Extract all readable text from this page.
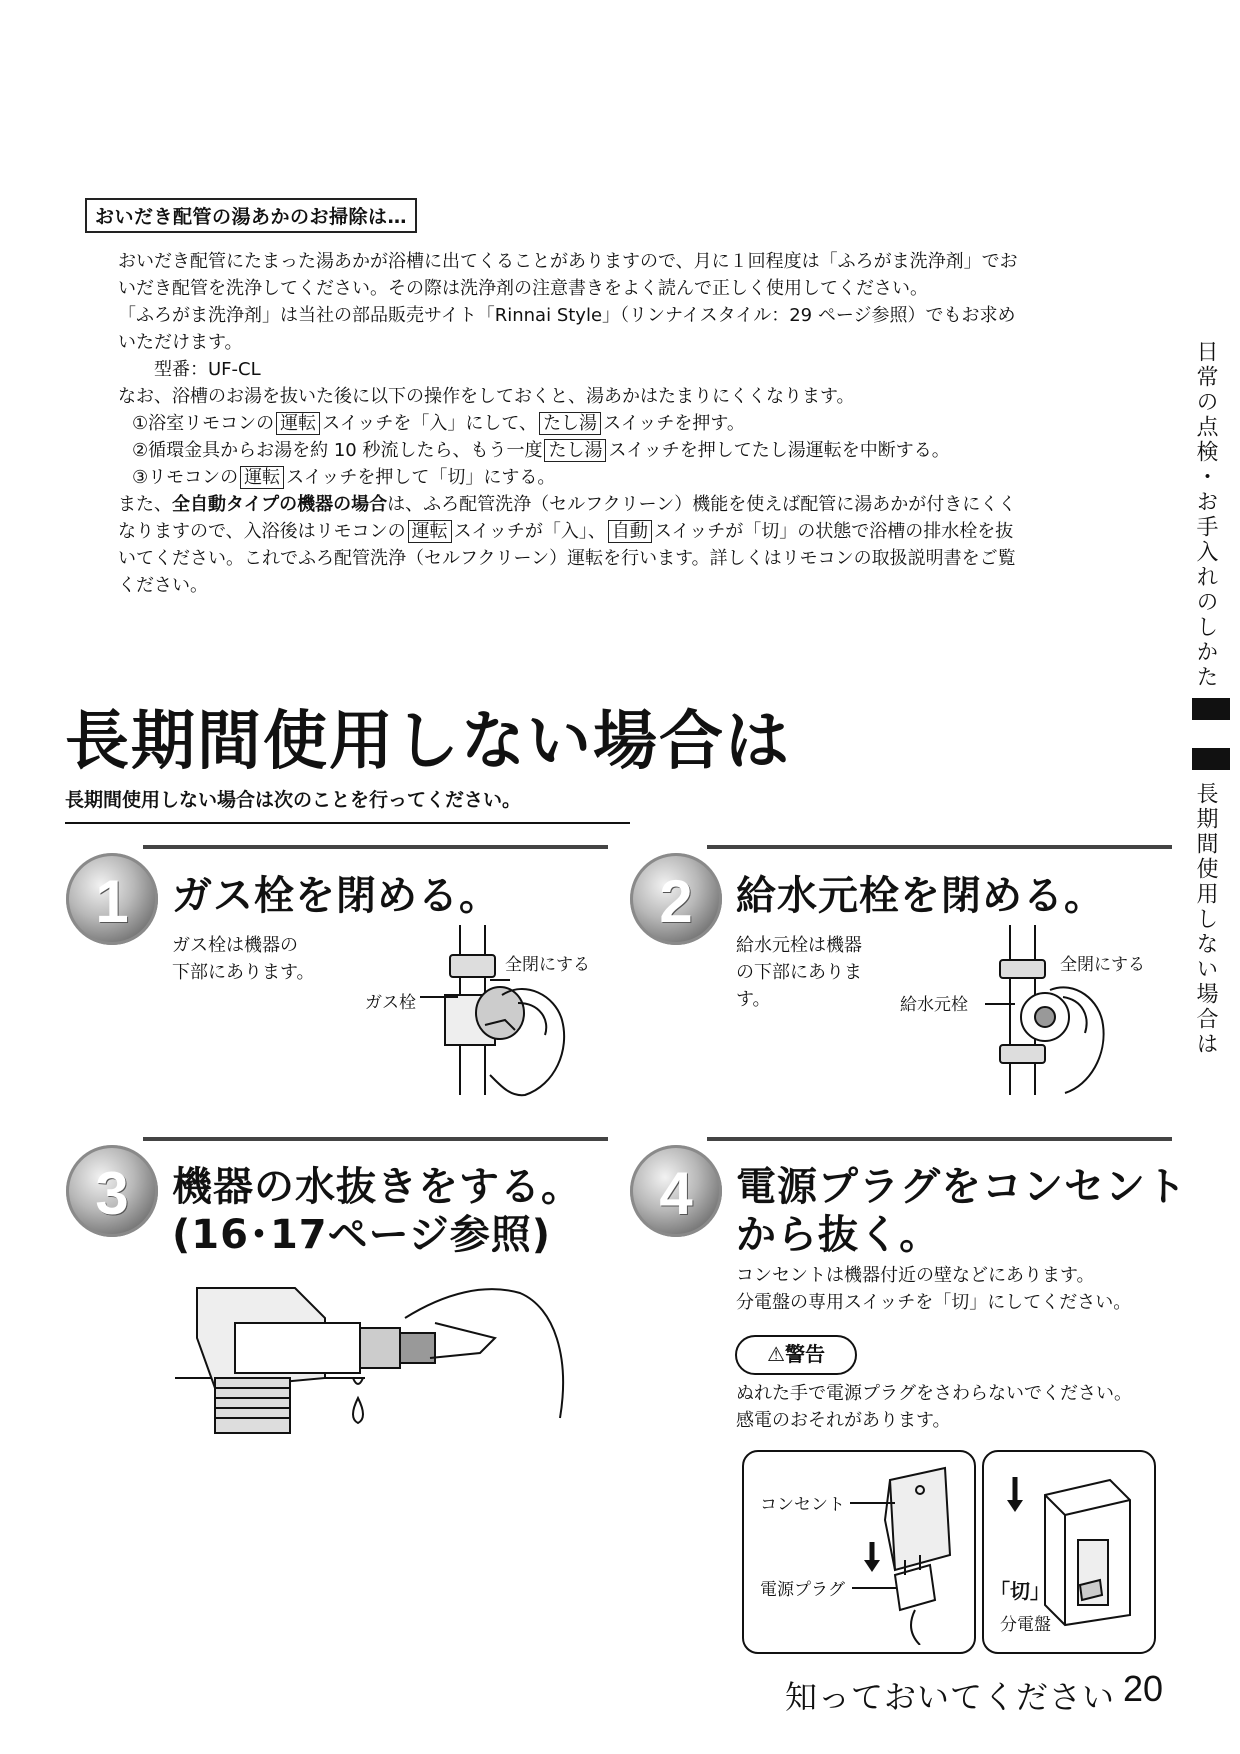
おいだき配管の湯あかのお掃除は…

おいだき配管にたまった湯あかが浴槽に出てくることがありますので、月に１回程度は「ふろがま洗浄剤」でお

いだき配管を洗浄してください。その際は洗浄剤の注意書きをよく読んで正しく使用してください。

「ふろがま洗浄剤」は当社の部品販売サイト「Rinnai Style」（リンナイスタイル：29 ページ参照）でもお求め

いただけます。

型番：UF-CL

なお、浴槽のお湯を抜いた後に以下の操作をしておくと、湯あかはたまりにくくなります。

①浴室リモコンの 運転 スイッチを「入」にして、 たし湯 スイッチを押す。

②循環金具からお湯を約 10 秒流したら、もう一度 たし湯 スイッチを押してたし湯運転を中断する。

③リモコンの 運転 スイッチを押して「切」にする。

また、全自動タイプの機器の場合は、ふろ配管洗浄（セルフクリーン）機能を使えば配管に湯あかが付きにくく

なりますので、入浴後はリモコンの 運転 スイッチが「入」、 自動 スイッチが「切」の状態で浴槽の排水栓を抜

いてください。これでふろ配管洗浄（セルフクリーン）運転を行います。詳しくはリモコンの取扱説明書をご覧

ください。	日常の点検・お手入れのしかた
長期間使用しない場合は
長期間使用しない場合は
長期間使用しない場合は次のことを行ってください。
1	ガス栓を閉める。
ガス栓は機器の
下部にあります。
ガス栓
全閉にする
2	給水元栓を閉める。
給水元栓は機器
の下部にありま
す。	給水元栓
全閉にする
3	機器の水抜きをする。
(16･17ページ参照)
4	電源プラグをコンセント
から抜く。
コンセントは機器付近の壁などにあります。
分電盤の専用スイッチを「切」にしてください。
⚠警告
ぬれた手で電源プラグをさわらないでください。
感電のおそれがあります。
コンセント
電源プラグ	「切」
分電盤
知っておいてください 20
